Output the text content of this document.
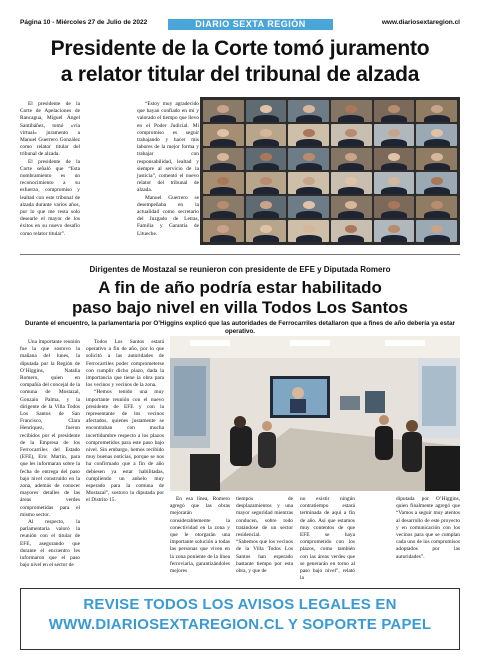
Página 10 - Miércoles 27 de Julio de 2022	DIARIO SEXTA REGIÓN	www.diariosextaregion.cl
Presidente de la Corte tomó juramento
a relator titular del tribunal de alzada

El presidente de la Corte de Apelaciones de Rancagua, Miguel Ángel Santibáñez, tomó «vía virtual» juramento a Manuel Guerrero González como relator titular del tribunal de alzada.

El presidente de la Corte señaló que “Esta nombramiento es un reconocimiento a su esfuerzo, compromiso y lealtad con este tribunal de alzada durante varios años, por lo que me resta solo desearle el mayor de los éxitos en su nuevo desafío como relator titular”.

“Estoy muy agradecido que hayan confiado en mí y valorado el tiempo que llevo en el Poder Judicial. Mi compromiso es seguir trabajando y hacer mis labores de la mejor forma y trabajar con responsabilidad, lealtad y siempre al servicio de la justicia”, comentó el nuevo relator del tribunal de alzada.

Manuel Guerrero se desempeñaba en la actualidad como secretario del Juzgado de Letras, Familia y Garantía de Litueche.

Dirigentes de Mostazal se reunieron con presidente de EFE y Diputada Romero
A fin de año podría estar habilitado
paso bajo nivel en villa Todos Los Santos
Durante el encuentro, la parlamentaria por O’Higgins explicó que las autoridades de Ferrocarriles detallaron que a fines de año debería ya estar operativo.

Una importante reunión fue la que sostuvo la mañana del lunes, la diputada por la Región de O’Higgins, Natalia Romero, quien en compañía del concejal de la comuna de Mostazal, Gonzalo Palma, y la dirigente de la Villa Todos Los Santos de San Francisco, Clara Henríquez, fueron recibidos por el presidente de la Empresa de los Ferrocarriles del Estado (EFE), Eric Martin, para que les informaran sobre la fecha de entrega del paso bajo nivel construido en la zona, además de conocer mayores detalles de las áreas verdes comprometidas para el mismo sector.

Al respecto, la parlamentaria valoró la reunión con el titular de EFE, asegurando que durante el encuentro les informaron que el paso bajo nivel en el sector de

Todos Los Santos estará operativo a fin de año, por lo que solicitó a las autoridades de Ferrocarriles poder comprometerse con cumplir dicho plazo, dada la importancia que tiene la obra para los vecinos y vecinos de la zona.

“Hemos tenido una muy importante reunión con el nuevo presidente de EFE y con la representante de los vecinos afectados, quienes justamente se encontraban con mucha incertidumbre respecto a los plazos comprometidos para este paso bajo nivel. Sin embargo, hemos recibido muy buenas noticias, porque se nos ha confirmado que a fin de año debiesen ya estar habilitadas, cumpliendo un anhelo muy esperado para la comuna de Mostazal”, sostuvo la diputada por el Distrito 15.	En esa línea, Romero agregó que las obras mejorarán considerablemente la conectividad en la zona y que le otorgarán una importante solución a todas las personas que viven en la zona poniente de la línea ferroviaria, garantizándoles mejores

tiempos de desplazamientos y una mayor seguridad mientras conducen, sobre todo tratándose de un sector residencial.
“Sabemos que los vecinos de la Villa Todos Los Santos han esperado bastante tiempo por esta obra, y que de

no existir ningún contratiempo estará terminada de aquí a fin de año. Así que estamos muy contentos de que EFE se haya comprometido con los plazos, como también con las áreas verdes que se generarán en torno al paso bajo nivel”, relató la

diputada por O’Higgins, quien finalmente agregó que “Vamos a seguir muy atentos al desarrollo de este proyecto y en comunicación con los vecinos para que se cumplan cada uno de los compromisos adoptados por las autoridades”.

REVISE TODOS LOS AVISOS LEGALES EN
WWW.DIARIOSEXTAREGION.CL Y SOPORTE PAPEL
